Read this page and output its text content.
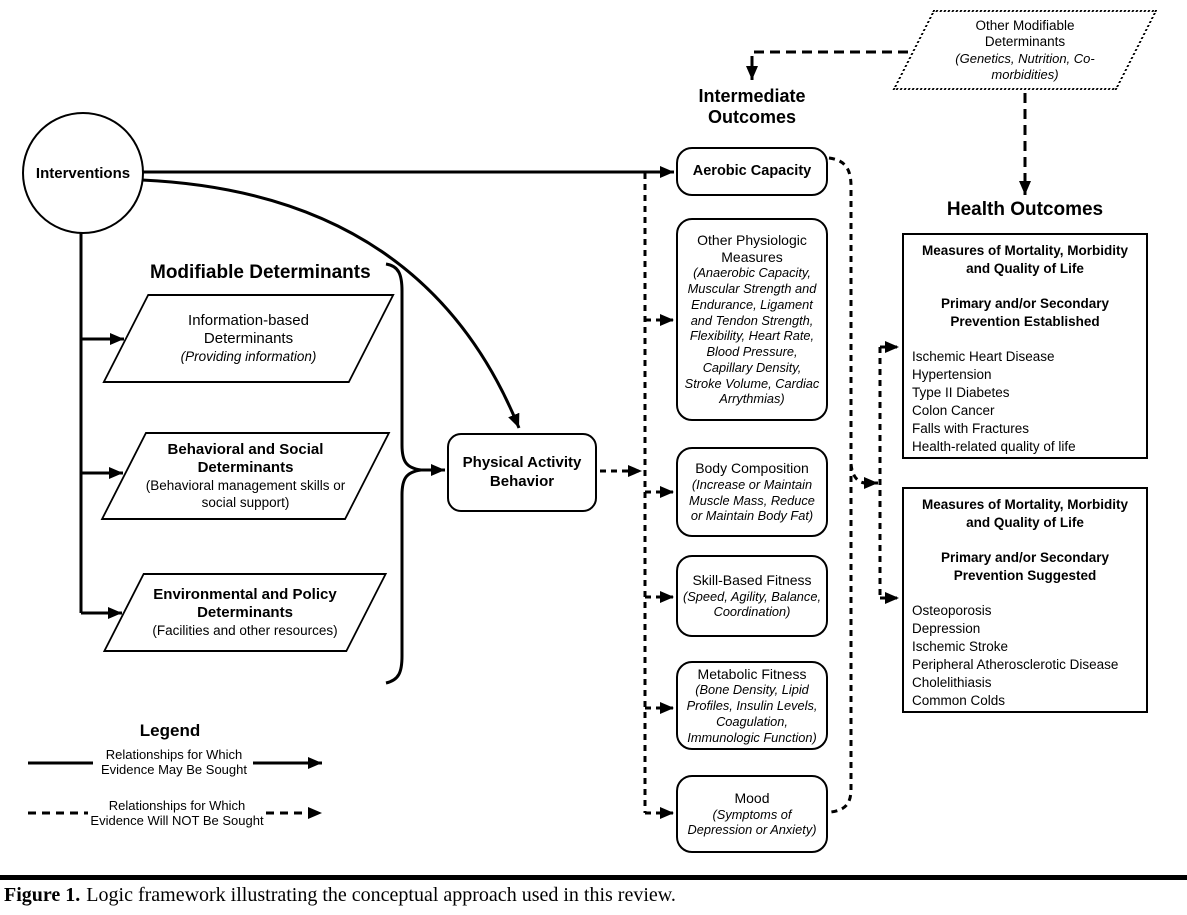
Interventions
Modifiable Determinants
Information-based Determinants
(Providing information)
Behavioral and Social Determinants
(Behavioral management skills or social support)
Environmental and Policy Determinants
(Facilities and other resources)
Physical Activity Behavior
Intermediate Outcomes
Aerobic Capacity
Other Physiologic Measures
(Anaerobic Capacity, Muscular Strength and Endurance, Ligament and Tendon Strength, Flexibility, Heart Rate, Blood Pressure, Capillary Density, Stroke Volume, Cardiac Arrythmias)
Body Composition
(Increase or Maintain Muscle Mass, Reduce or Maintain Body Fat)
Skill-Based Fitness
(Speed, Agility, Balance, Coordination)
Metabolic Fitness
(Bone Density, Lipid Profiles, Insulin Levels, Coagulation, Immunologic Function)
Mood
(Symptoms of Depression or Anxiety)
Other Modifiable Determinants
(Genetics, Nutrition, Co-morbidities)
Health Outcomes
Measures of Mortality, Morbidity and Quality of Life
Primary and/or Secondary Prevention Established
Ischemic Heart Disease
Hypertension
Type II Diabetes
Colon Cancer
Falls with Fractures
Health-related quality of life
Measures of Mortality, Morbidity and Quality of Life
Primary and/or Secondary Prevention Suggested
Osteoporosis
Depression
Ischemic Stroke
Peripheral Atherosclerotic Disease
Cholelithiasis
Common Colds
Legend
Relationships for Which Evidence May Be Sought
Relationships for Which Evidence Will NOT Be Sought
Figure 1. Logic framework illustrating the conceptual approach used in this review.
